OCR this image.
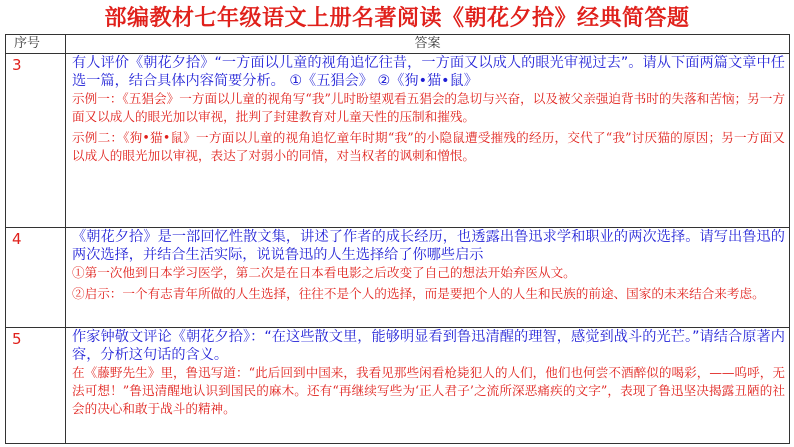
部编教材七年级语文上册名著阅读《朝花夕拾》经典简答题
序号	答案
3	有人评价《朝花夕拾》“一方面以儿童的视角追忆往昔，一方面又以成人的眼光审视过去”。请从下面两篇文章中任选一篇，结合具体内容简要分析。 ①《五猖会》 ②《狗•猫•鼠》
示例一：《五猖会》一方面以儿童的视角写“我”儿时盼望观看五猖会的急切与兴奋，以及被父亲强迫背书时的失落和苦恼；另一方面又以成人的眼光加以审视，批判了封建教育对儿童天性的压制和摧残。
示例二：《狗•猫•鼠》一方面以儿童的视角追忆童年时期“我”的小隐鼠遭受摧残的经历，交代了“我”讨厌猫的原因；另一方面又以成人的眼光加以审视，表达了对弱小的同情，对当权者的讽刺和憎恨。

4	《朝花夕拾》是一部回忆性散文集，讲述了作者的成长经历，也透露出鲁迅求学和职业的两次选择。请写出鲁迅的两次选择，并结合生活实际，说说鲁迅的人生选择给了你哪些启示
①第一次他到日本学习医学，第二次是在日本看电影之后改变了自己的想法开始弃医从文。
②启示：一个有志青年所做的人生选择，往往不是个人的选择，而是要把个人的人生和民族的前途、国家的未来结合来考虑。

5	作家钟敬文评论《朝花夕拾》：“在这些散文里，能够明显看到鲁迅清醒的理智，感觉到战斗的光芒。”请结合原著内容，分析这句话的含义。
在《藤野先生》里，鲁迅写道：“此后回到中国来，我看见那些闲看枪毙犯人的人们，他们也何尝不酒醉似的喝彩，——呜呼，无法可想！”鲁迅清醒地认识到国民的麻木。还有“再继续写些为‘正人君子’之流所深恶痛疾的文字”，表现了鲁迅坚决揭露丑陋的社会的决心和敢于战斗的精神。
